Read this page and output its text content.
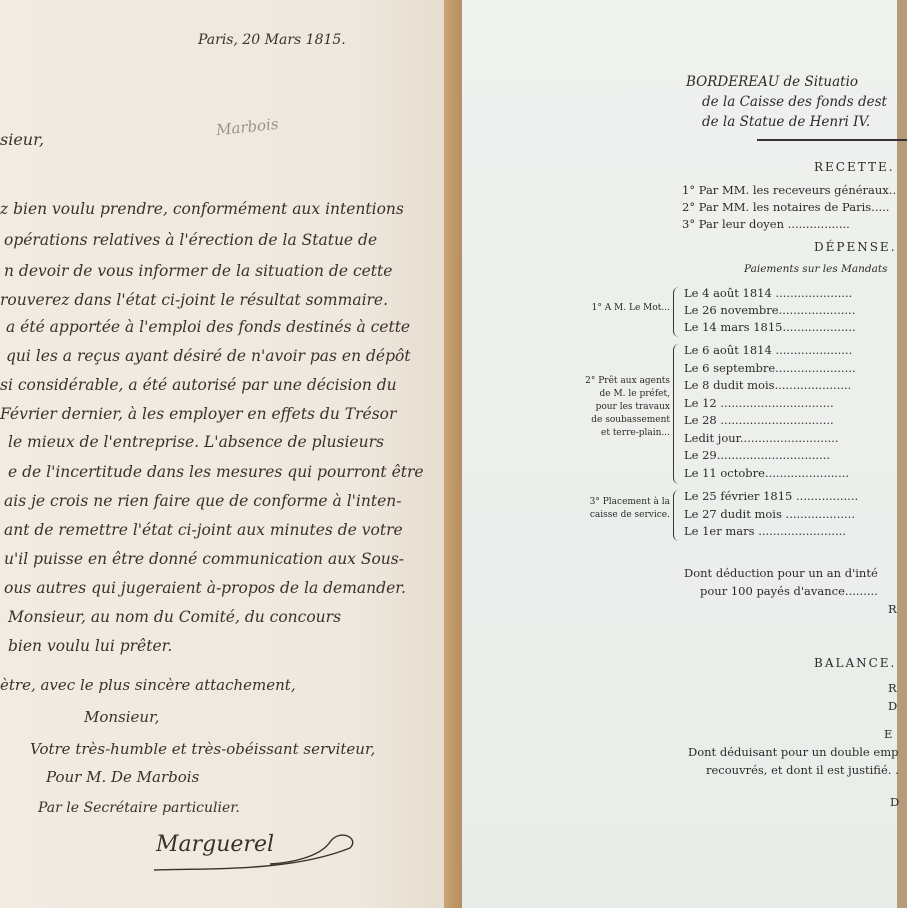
Paris, 20 Mars 1815.
Marbois
sieur,
z bien voulu prendre, conformément aux intentions
opérations relatives à l'érection de la Statue de
n devoir de vous informer de la situation de cette
rouverez dans l'état ci-joint le résultat sommaire.
a été apportée à l'emploi des fonds destinés à cette
qui les a reçus ayant désiré de n'avoir pas en dépôt
si considérable, a été autorisé par une décision du
Février dernier, à les employer en effets du Trésor
le mieux de l'entreprise. L'absence de plusieurs
e de l'incertitude dans les mesures qui pourront être
ais je crois ne rien faire que de conforme à l'inten-
ant de remettre l'état ci-joint aux minutes de votre
u'il puisse en être donné communication aux Sous-
ous autres qui jugeraient à-propos de la demander.
Monsieur, au nom du Comité, du concours
bien voulu lui prêter.
ètre, avec le plus sincère attachement,
Monsieur,
Votre très-humble et très-obéissant serviteur,
Pour M. De Marbois
Par le Secrétaire particulier.
Marguerel
BORDEREAU de Situatio
de la Caisse des fonds dest
de la Statue de Henri IV.
RECETTE.
1° Par MM. les receveurs généraux..
2° Par MM. les notaires de Paris.....
3° Par leur doyen .................
DÉPENSE.
Paiements sur les Mandats
1° A M. Le Mot...
Le 4 août 1814 .....................
Le 26 novembre.....................
Le 14 mars 1815....................
2° Prêt aux agents
de M. le préfet,
pour les travaux
de soubassement
et terre-plain...
Le 6 août 1814 .....................
Le 6 septembre......................
Le 8 dudit mois.....................
Le 12 ...............................
Le 28 ...............................
Ledit jour...........................
Le 29...............................
Le 11 octobre.......................
3° Placement à la
caisse de service.
Le 25 février 1815 .................
Le 27 dudit mois ...................
Le 1er mars ........................
Dont déduction pour un an d'inté
pour 100 payés d'avance.........
R
BALANCE.
R
D
E
Dont déduisant pour un double emp
recouvrés, et dont il est justifié. .
D
